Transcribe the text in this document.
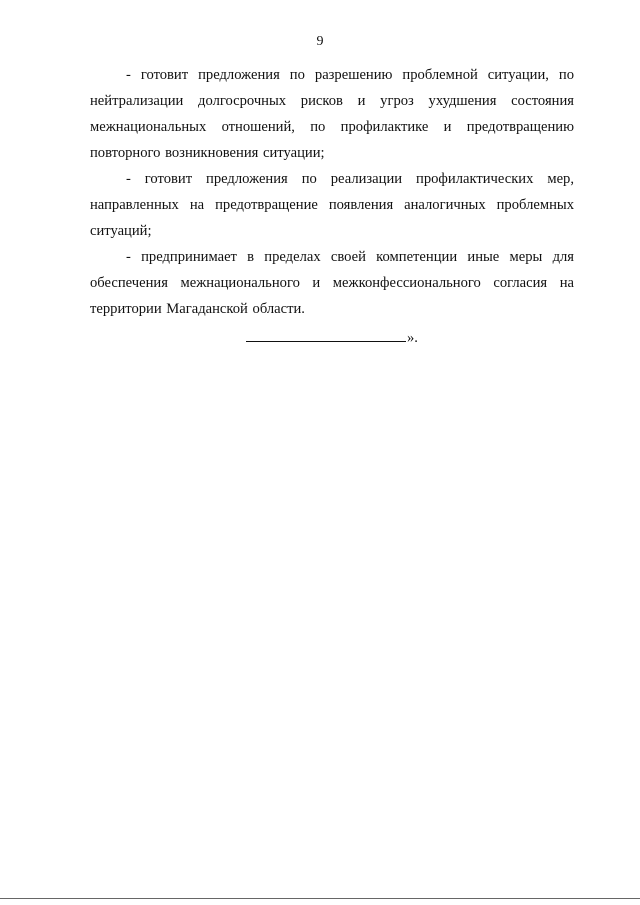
9

- готовит предложения по разрешению проблемной ситуации, по нейтрализации долгосрочных рисков и угроз ухудшения состояния межнациональных отношений, по профилактике и предотвращению повторного возникновения ситуации;

- готовит предложения по реализации профилактических мер, направленных на предотвращение появления аналогичных проблемных ситуаций;

- предпринимает в пределах своей компетенции иные меры для обеспечения межнационального и межконфессионального согласия на территории Магаданской области.

».
